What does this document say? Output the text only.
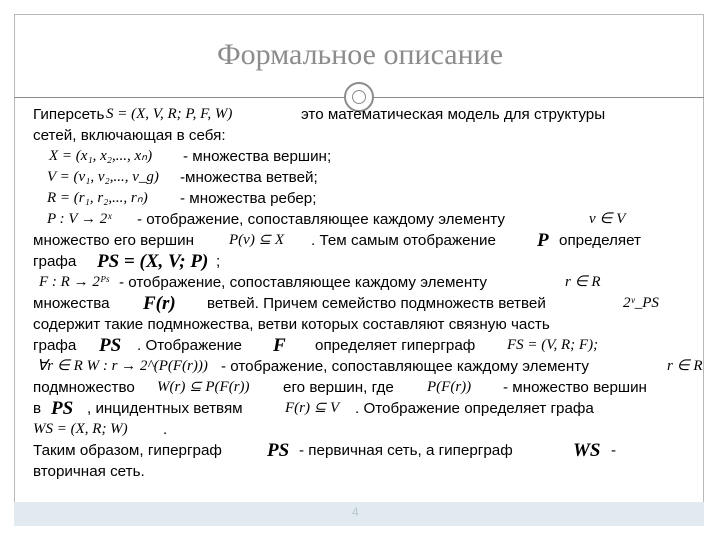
Формальное описание
Гиперсеть S = (X, V, R; P, F, W)	это математическая модель для структуры
сетей, включающая в себя:
X = (x₁, x₂,..., xₙ) - множества вершин;
V = (v₁, v₂,..., v_g) -множества ветвей;
R = (r₁, r₂,..., rₙ) - множества ребер;
P : V → 2ˣ - отображение, сопоставляющее каждому элементу	v ∈ V
множество его вершин P(v) ⊆ X . Тем самым отображение P определяет
графа PS = (X, V; P) ;
F : R → 2ᴾˢ - отображение, сопоставляющее каждому элементу	r ∈ R
множества F(r) ветвей. Причем семейство подмножеств ветвей	2ᵛ_PS
содержит такие подмножества, ветви которых составляют связную часть
графа PS . Отображение F определяет гиперграф FS = (V, R; F);
∀r ∈ R W : r → 2^(P(F(r))) - отображение, сопоставляющее каждому элементу	r ∈ R
подмножество W(r) ⊆ P(F(r)) его вершин, где P(F(r)) - множество вершин
в PS , инцидентных ветвям	F(r) ⊆ V . Отображение определяет графа
WS = (X, R; W) .
Таким образом, гиперграф PS - первичная сеть, а гиперграф	WS -
вторичная сеть.
4
